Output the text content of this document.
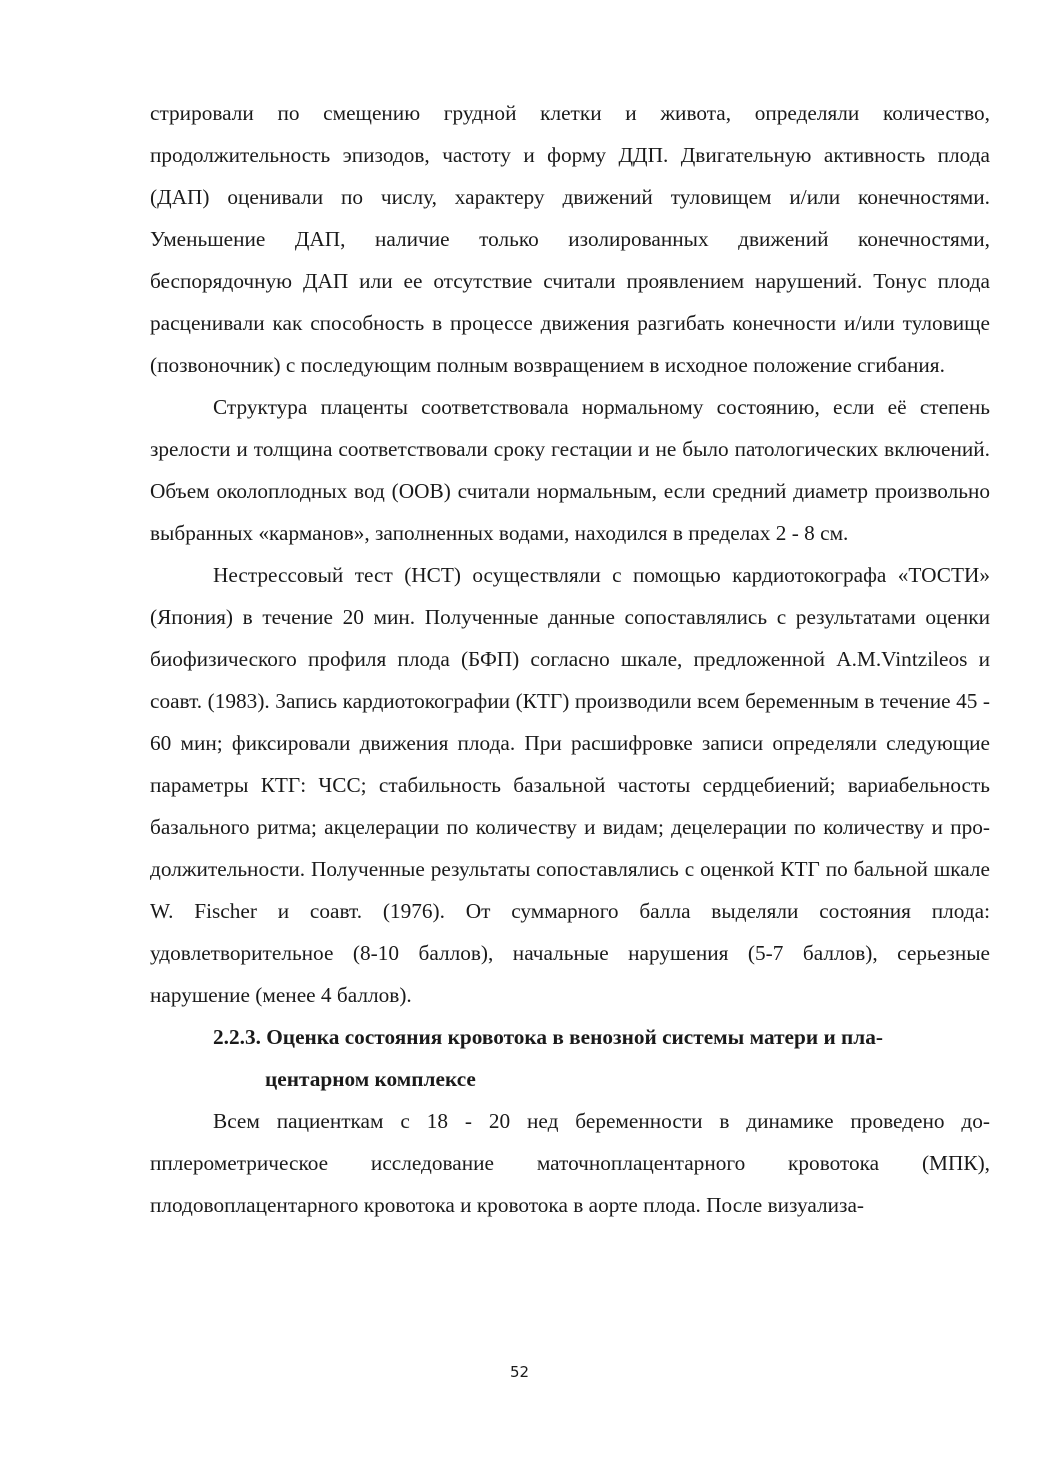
стрировали по смещению грудной клетки и живота, определяли количество, продолжительность эпизодов, частоту и форму ДДП. Двигательную активность плода (ДАП) оценивали по числу, характеру движений туловищем и/или конечностями. Уменьшение ДАП, наличие только изолированных движений конечностями, беспорядочную ДАП или ее отсутствие считали проявлением нарушений. Тонус плода расценивали как способность в процессе движения разгибать конечности и/или туловище (позвоночник) с последующим полным возвращением в исходное положение сгибания.

Структура плаценты соответствовала нормальному состоянию, если её степень зрелости и толщина соответствовали сроку гестации и не было патологических включений. Объем околоплодных вод (ООВ) считали нормальным, если средний диаметр произвольно выбранных «карманов», заполненных водами, находился в пределах 2 - 8 см.

Нестрессовый тест (НСТ) осуществляли с помощью кардиотокографа «ТОСТИ» (Япония) в течение 20 мин. Полученные данные сопоставлялись с результатами оценки биофизического профиля плода (БФП) согласно шкале, предложенной A.M.Vintzileos и соавт. (1983). Запись кардиотокографии (КТГ) производили всем беременным в течение 45 - 60 мин; фиксировали движения плода. При расшифровке записи определяли следующие параметры КТГ: ЧСС; стабильность базальной частоты сердцебиений; вариабельность базального ритма; акцелерации по количеству и видам; децелерации по количеству и продолжительности. Полученные результаты сопоставлялись с оценкой КТГ по бальной шкале W. Fischer и соавт. (1976). От суммарного балла выделяли состояния плода: удовлетворительное (8-10 баллов), начальные нарушения (5-7 баллов), серьезные нарушение (менее 4 баллов).

2.2.3. Оценка состояния кровотока в венозной системы матери и пла-
центарном комплексе

Всем пациенткам с 18 - 20 нед беременности в динамике проведено допплерометрическое исследование маточноплацентарного кровотока (МПК), плодовоплацентарного кровотока и кровотока в аорте плода. После визуализа-

52
